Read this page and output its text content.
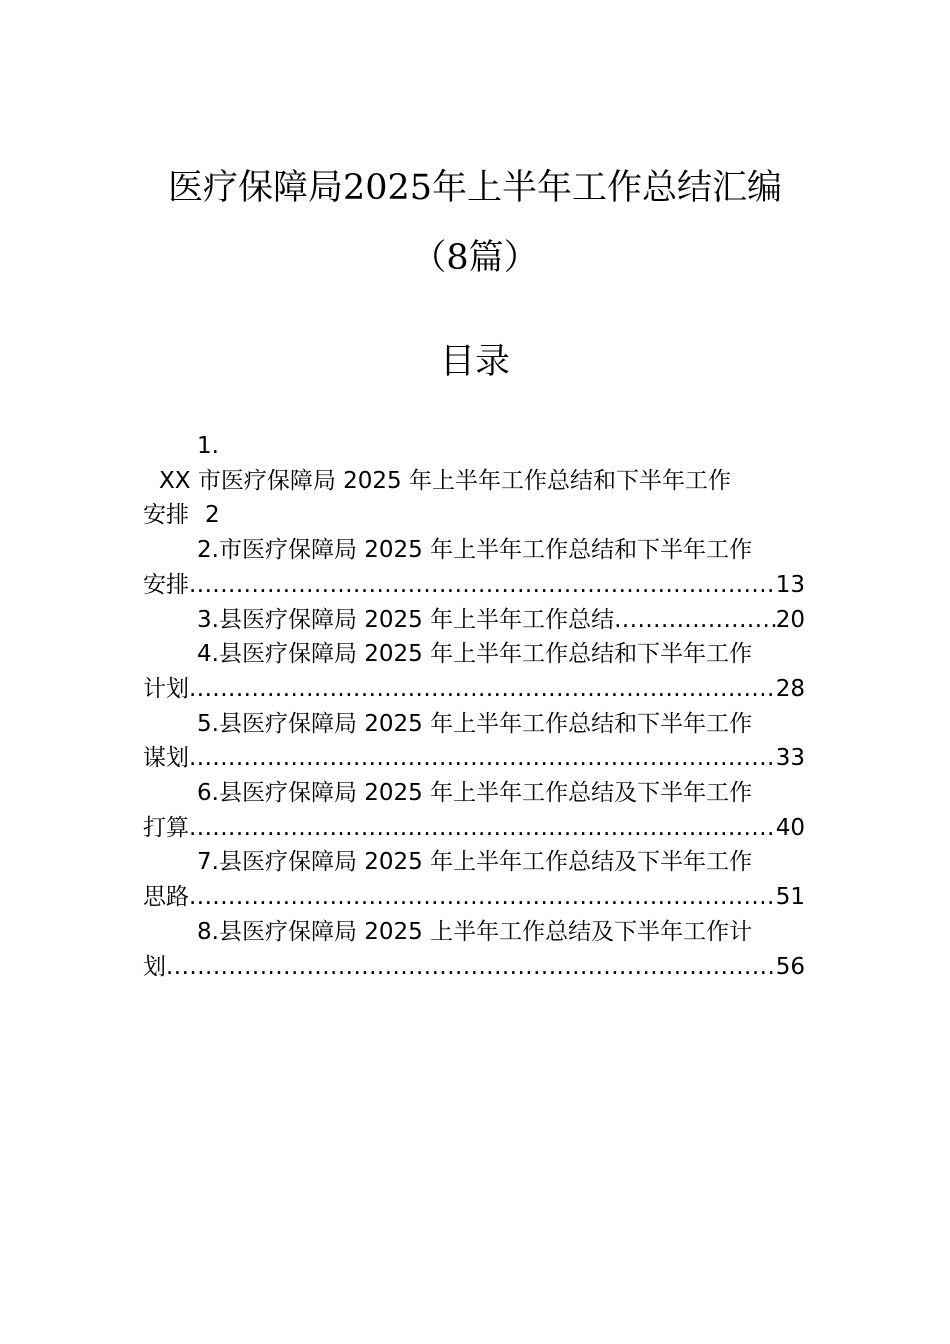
医疗保障局2025年上半年工作总结汇编
（8篇）
目录
1.
XX 市医疗保障局 2025 年上半年工作总结和下半年工作
安排 2
2.市医疗保障局 2025 年上半年工作总结和下半年工作
安排 .....	13
3.县医疗保障局 2025 年上半年工作总结 .....	20
4.县医疗保障局 2025 年上半年工作总结和下半年工作
计划 .....	28
5.县医疗保障局 2025 年上半年工作总结和下半年工作
谋划 .....	33
6.县医疗保障局 2025 年上半年工作总结及下半年工作
打算 .....	40
7.县医疗保障局 2025 年上半年工作总结及下半年工作
思路 .....	51
8.县医疗保障局 2025 上半年工作总结及下半年工作计
划 .....	56
